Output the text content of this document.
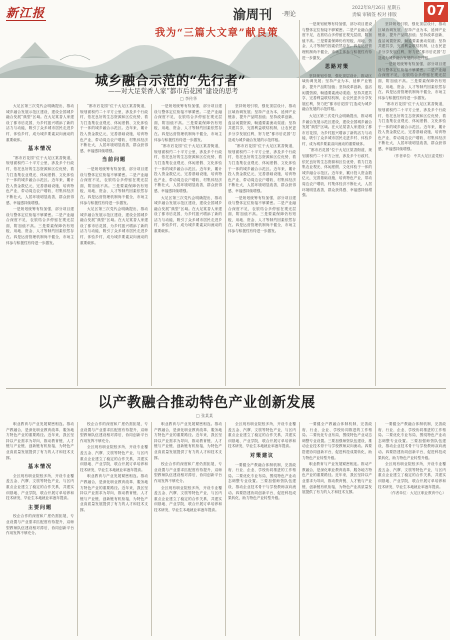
新江报	渝周刊 ·理论
2022年8月26日 星期五
责编 审稿签 校对 排版	07
我为“三篇大文章”献良策
城乡融合示范的“先行者”
——对大足棠香人家“都市后花园”建设的思考
□ 李传华

大足区第三次党代会明确提出，推动城乡融合发展示范区建设，建设全国城乡融合发展“典型”区域。在大足棠香人家建设了都市后花园，为乡村振兴增添了新的活力与动能，吸引了众多城市居民走进乡村、体验乡村，成为城乡要素双向流动的重要载体。

基本情况

“都市后花园”位于大足区棠香街道，规划面积约二十平方公里，涉及多个行政村，依托良好的生态资源和区位优势，着力打造集农业观光、休闲度假、文化体验于一体的城乡融合示范区。近年来，累计投入资金数亿元，完善基础设施，培育特色产业，带动周边农户增收，村集体经济不断壮大，人居环境明显改善，群众获得感、幸福感持续增强。

一是规划统筹有待加强，部分项目建设与整体定位衔接不够紧密。二是产业融合深度不足，农旅结合多停留在观光层面，附加值不高。三是要素保障仍有短板，用地、资金、人才等制约因素依然存在。四是运营管理机制尚不健全，市场主体参与积极性有待进一步激发。

“都市后花园”位于大足区棠香街道，规划面积约二十平方公里，涉及多个行政村，依托良好的生态资源和区位优势，着力打造集农业观光、休闲度假、文化体验于一体的城乡融合示范区。近年来，累计投入资金数亿元，完善基础设施，培育特色产业，带动周边农户增收，村集体经济不断壮大，人居环境明显改善，群众获得感、幸福感持续增强。

当前问题

一是规划统筹有待加强，部分项目建设与整体定位衔接不够紧密。二是产业融合深度不足，农旅结合多停留在观光层面，附加值不高。三是要素保障仍有短板，用地、资金、人才等制约因素依然存在。四是运营管理机制尚不健全，市场主体参与积极性有待进一步激发。

大足区第三次党代会明确提出，推动城乡融合发展示范区建设，建设全国城乡融合发展“典型”区域。在大足棠香人家建设了都市后花园，为乡村振兴增添了新的活力与动能，吸引了众多城市居民走进乡村、体验乡村，成为城乡要素双向流动的重要载体。

一是规划统筹有待加强，部分项目建设与整体定位衔接不够紧密。二是产业融合深度不足，农旅结合多停留在观光层面，附加值不高。三是要素保障仍有短板，用地、资金、人才等制约因素依然存在。四是运营管理机制尚不健全，市场主体参与积极性有待进一步激发。

“都市后花园”位于大足区棠香街道，规划面积约二十平方公里，涉及多个行政村，依托良好的生态资源和区位优势，着力打造集农业观光、休闲度假、文化体验于一体的城乡融合示范区。近年来，累计投入资金数亿元，完善基础设施，培育特色产业，带动周边农户增收，村集体经济不断壮大，人居环境明显改善，群众获得感、幸福感持续增强。

大足区第三次党代会明确提出，推动城乡融合发展示范区建设，建设全国城乡融合发展“典型”区域。在大足棠香人家建设了都市后花园，为乡村振兴增添了新的活力与动能，吸引了众多城市居民走进乡村、体验乡村，成为城乡要素双向流动的重要载体。

坚持规划引领，强化顶层设计，推动区域协调发展；坚持产业为本，延伸产业链条，提升产品附加值；坚持改革创新，盘活闲置资源，畅通要素流动渠道；坚持共建共享，完善利益联结机制，让农民更多分享发展红利，努力把“都市后花园”打造成为城乡融合发展的示范样板。

“都市后花园”位于大足区棠香街道，规划面积约二十平方公里，涉及多个行政村，依托良好的生态资源和区位优势，着力打造集农业观光、休闲度假、文化体验于一体的城乡融合示范区。近年来，累计投入资金数亿元，完善基础设施，培育特色产业，带动周边农户增收，村集体经济不断壮大，人居环境明显改善，群众获得感、幸福感持续增强。

一是规划统筹有待加强，部分项目建设与整体定位衔接不够紧密。二是产业融合深度不足，农旅结合多停留在观光层面，附加值不高。三是要素保障仍有短板，用地、资金、人才等制约因素依然存在。四是运营管理机制尚不健全，市场主体参与积极性有待进一步激发。

一是规划统筹有待加强，部分项目建设与整体定位衔接不够紧密。二是产业融合深度不足，农旅结合多停留在观光层面，附加值不高。三是要素保障仍有短板，用地、资金、人才等制约因素依然存在。四是运营管理机制尚不健全，市场主体参与积极性有待进一步激发。

思路对策

坚持规划引领，强化顶层设计，推动区域协调发展；坚持产业为本，延伸产业链条，提升产品附加值；坚持改革创新，盘活闲置资源，畅通要素流动渠道；坚持共建共享，完善利益联结机制，让农民更多分享发展红利，努力把“都市后花园”打造成为城乡融合发展的示范样板。

大足区第三次党代会明确提出，推动城乡融合发展示范区建设，建设全国城乡融合发展“典型”区域。在大足棠香人家建设了都市后花园，为乡村振兴增添了新的活力与动能，吸引了众多城市居民走进乡村、体验乡村，成为城乡要素双向流动的重要载体。

“都市后花园”位于大足区棠香街道，规划面积约二十平方公里，涉及多个行政村，依托良好的生态资源和区位优势，着力打造集农业观光、休闲度假、文化体验于一体的城乡融合示范区。近年来，累计投入资金数亿元，完善基础设施，培育特色产业，带动周边农户增收，村集体经济不断壮大，人居环境明显改善，群众获得感、幸福感持续增强。

坚持规划引领，强化顶层设计，推动区域协调发展；坚持产业为本，延伸产业链条，提升产品附加值；坚持改革创新，盘活闲置资源，畅通要素流动渠道；坚持共建共享，完善利益联结机制，让农民更多分享发展红利，努力把“都市后花园”打造成为城乡融合发展的示范样板。

一是规划统筹有待加强，部分项目建设与整体定位衔接不够紧密。二是产业融合深度不足，农旅结合多停留在观光层面，附加值不高。三是要素保障仍有短板，用地、资金、人才等制约因素依然存在。四是运营管理机制尚不健全，市场主体参与积极性有待进一步激发。

“都市后花园”位于大足区棠香街道，规划面积约二十平方公里，涉及多个行政村，依托良好的生态资源和区位优势，着力打造集农业观光、休闲度假、文化体验于一体的城乡融合示范区。近年来，累计投入资金数亿元，完善基础设施，培育特色产业，带动周边农户增收，村集体经济不断壮大，人居环境明显改善，群众获得感、幸福感持续增强。

（作者单位：中共大足区委党校）

以产教融合推动特色产业创新发展
□ 张某某

职业教育与产业发展紧密相连。推动产教融合，是深化职业教育改革、服务地方特色产业的重要路径。近年来，我区坚持以产业需求为导向，推动教育链、人才链与产业链、创新链有机衔接，为特色产业高质量发展提供了有力的人才和技术支撑。

基本情况

全区现有职业院校多所，开设专业覆盖五金、汽摩、文旅等特色产业，与区内重点企业建立了稳定的合作关系，共建实训基地、产业学院，联合开展订单培养和技术研发，毕业生本地就业率逐年提高。

主要问题

校企合作的深度和广度仍需拓展，专业设置与产业需求匹配度有待提升，双师型教师队伍建设相对滞后，协同创新平台作用发挥不够充分。

校企合作的深度和广度仍需拓展，专业设置与产业需求匹配度有待提升，双师型教师队伍建设相对滞后，协同创新平台作用发挥不够充分。

全区现有职业院校多所，开设专业覆盖五金、汽摩、文旅等特色产业，与区内重点企业建立了稳定的合作关系，共建实训基地、产业学院，联合开展订单培养和技术研发，毕业生本地就业率逐年提高。

职业教育与产业发展紧密相连。推动产教融合，是深化职业教育改革、服务地方特色产业的重要路径。近年来，我区坚持以产业需求为导向，推动教育链、人才链与产业链、创新链有机衔接，为特色产业高质量发展提供了有力的人才和技术支撑。

职业教育与产业发展紧密相连。推动产教融合，是深化职业教育改革、服务地方特色产业的重要路径。近年来，我区坚持以产业需求为导向，推动教育链、人才链与产业链、创新链有机衔接，为特色产业高质量发展提供了有力的人才和技术支撑。

校企合作的深度和广度仍需拓展，专业设置与产业需求匹配度有待提升，双师型教师队伍建设相对滞后，协同创新平台作用发挥不够充分。

全区现有职业院校多所，开设专业覆盖五金、汽摩、文旅等特色产业，与区内重点企业建立了稳定的合作关系，共建实训基地、产业学院，联合开展订单培养和技术研发，毕业生本地就业率逐年提高。

全区现有职业院校多所，开设专业覆盖五金、汽摩、文旅等特色产业，与区内重点企业建立了稳定的合作关系，共建实训基地、产业学院，联合开展订单培养和技术研发，毕业生本地就业率逐年提高。

对策建议

一要健全产教融合体制机制，完善政府、行业、企业、学校协同推进的工作格局。二要优化专业布局，围绕特色产业动态调整专业设置。三要加强师资队伍建设，推动企业技术骨干与学校教师双向流动。四要搭建协同创新平台，促进科技成果转化，助力特色产业转型升级。

一要健全产教融合体制机制，完善政府、行业、企业、学校协同推进的工作格局。二要优化专业布局，围绕特色产业动态调整专业设置。三要加强师资队伍建设，推动企业技术骨干与学校教师双向流动。四要搭建协同创新平台，促进科技成果转化，助力特色产业转型升级。

职业教育与产业发展紧密相连。推动产教融合，是深化职业教育改革、服务地方特色产业的重要路径。近年来，我区坚持以产业需求为导向，推动教育链、人才链与产业链、创新链有机衔接，为特色产业高质量发展提供了有力的人才和技术支撑。

一要健全产教融合体制机制，完善政府、行业、企业、学校协同推进的工作格局。二要优化专业布局，围绕特色产业动态调整专业设置。三要加强师资队伍建设，推动企业技术骨干与学校教师双向流动。四要搭建协同创新平台，促进科技成果转化，助力特色产业转型升级。

全区现有职业院校多所，开设专业覆盖五金、汽摩、文旅等特色产业，与区内重点企业建立了稳定的合作关系，共建实训基地、产业学院，联合开展订单培养和技术研发，毕业生本地就业率逐年提高。

（作者单位：大足区职业教育中心）
